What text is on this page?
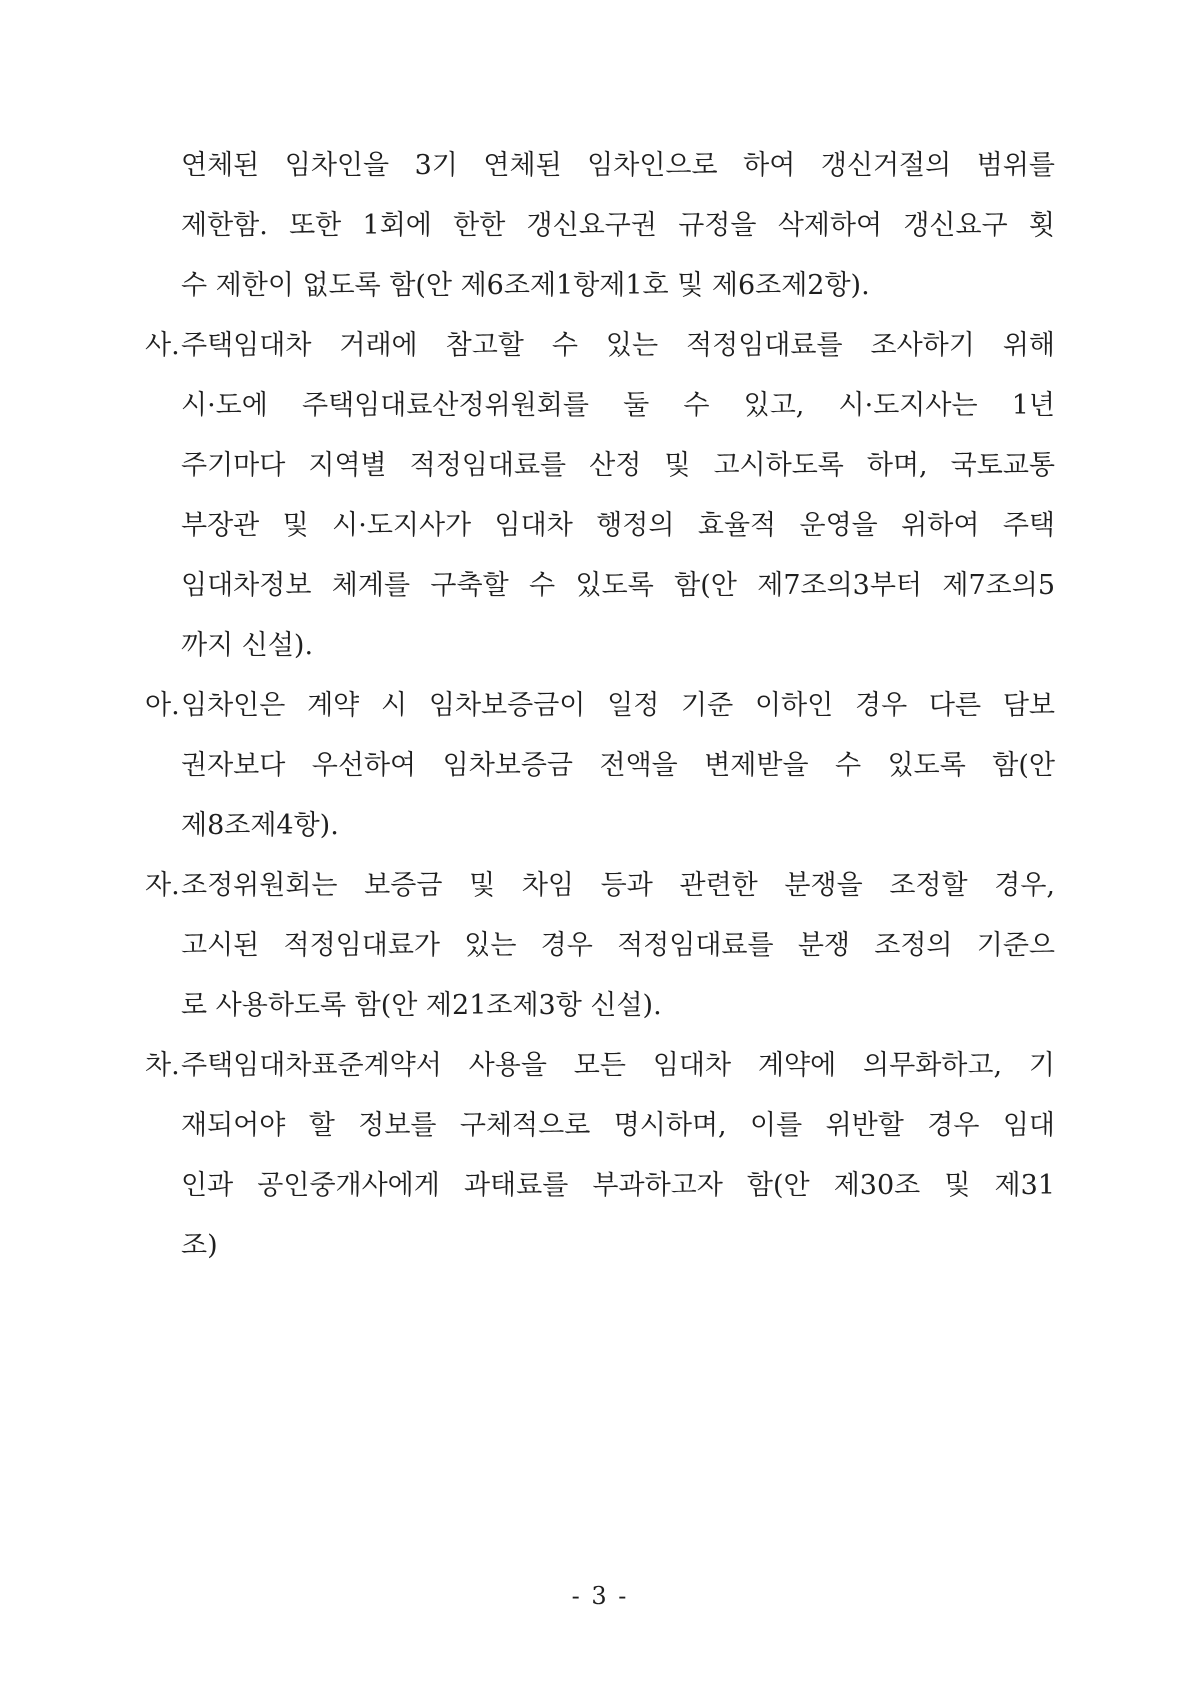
연체된 임차인을 3기 연체된 임차인으로 하여 갱신거절의 범위를
제한함. 또한 1회에 한한 갱신요구권 규정을 삭제하여 갱신요구 횟
수 제한이 없도록 함(안 제6조제1항제1호 및 제6조제2항).
사. 주택임대차 거래에 참고할 수 있는 적정임대료를 조사하기 위해
시·도에 주택임대료산정위원회를 둘 수 있고, 시·도지사는 1년
주기마다 지역별 적정임대료를 산정 및 고시하도록 하며, 국토교통
부장관 및 시·도지사가 임대차 행정의 효율적 운영을 위하여 주택
임대차정보 체계를 구축할 수 있도록 함(안 제7조의3부터 제7조의5
까지 신설).
아. 임차인은 계약 시 임차보증금이 일정 기준 이하인 경우 다른 담보
권자보다 우선하여 임차보증금 전액을 변제받을 수 있도록 함(안
제8조제4항).
자. 조정위원회는 보증금 및 차임 등과 관련한 분쟁을 조정할 경우,
고시된 적정임대료가 있는 경우 적정임대료를 분쟁 조정의 기준으
로 사용하도록 함(안 제21조제3항 신설).
차. 주택임대차표준계약서 사용을 모든 임대차 계약에 의무화하고, 기
재되어야 할 정보를 구체적으로 명시하며, 이를 위반할 경우 임대
인과 공인중개사에게 과태료를 부과하고자 함(안 제30조 및 제31
조)
- 3 -
